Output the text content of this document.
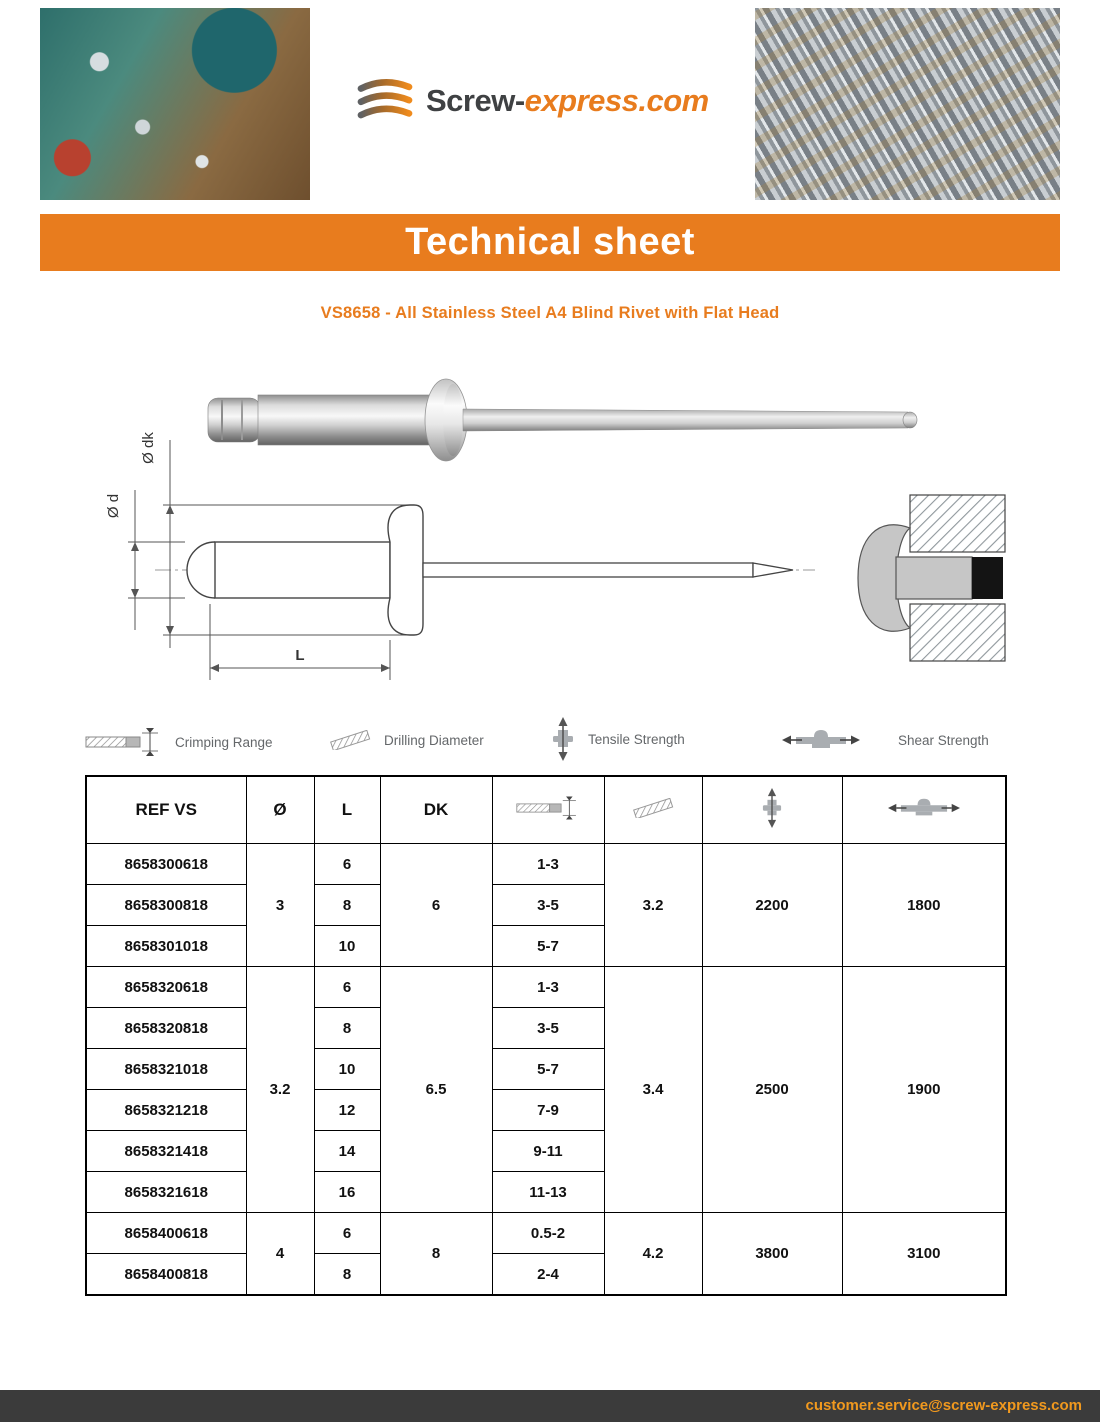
Screw-express.com
Technical sheet
VS8658 - All Stainless Steel A4 Blind Rivet with Flat Head
Ø d
Ø dk
L
Crimping Range	Drilling Diameter	Tensile Strength	Shear Strength
REF VS	Ø	L	DK				
8658300618	3	6	6	1-3	3.2	2200	1800
8658300818		8		3-5			
8658301018		10		5-7			
8658320618	3.2	6	6.5	1-3	3.4	2500	1900
8658320818		8		3-5			
8658321018		10		5-7			
8658321218		12		7-9			
8658321418		14		9-11			
8658321618		16		11-13			
8658400618	4	6	8	0.5-2	4.2	3800	3100
8658400818		8		2-4			
customer.service@screw-express.com
